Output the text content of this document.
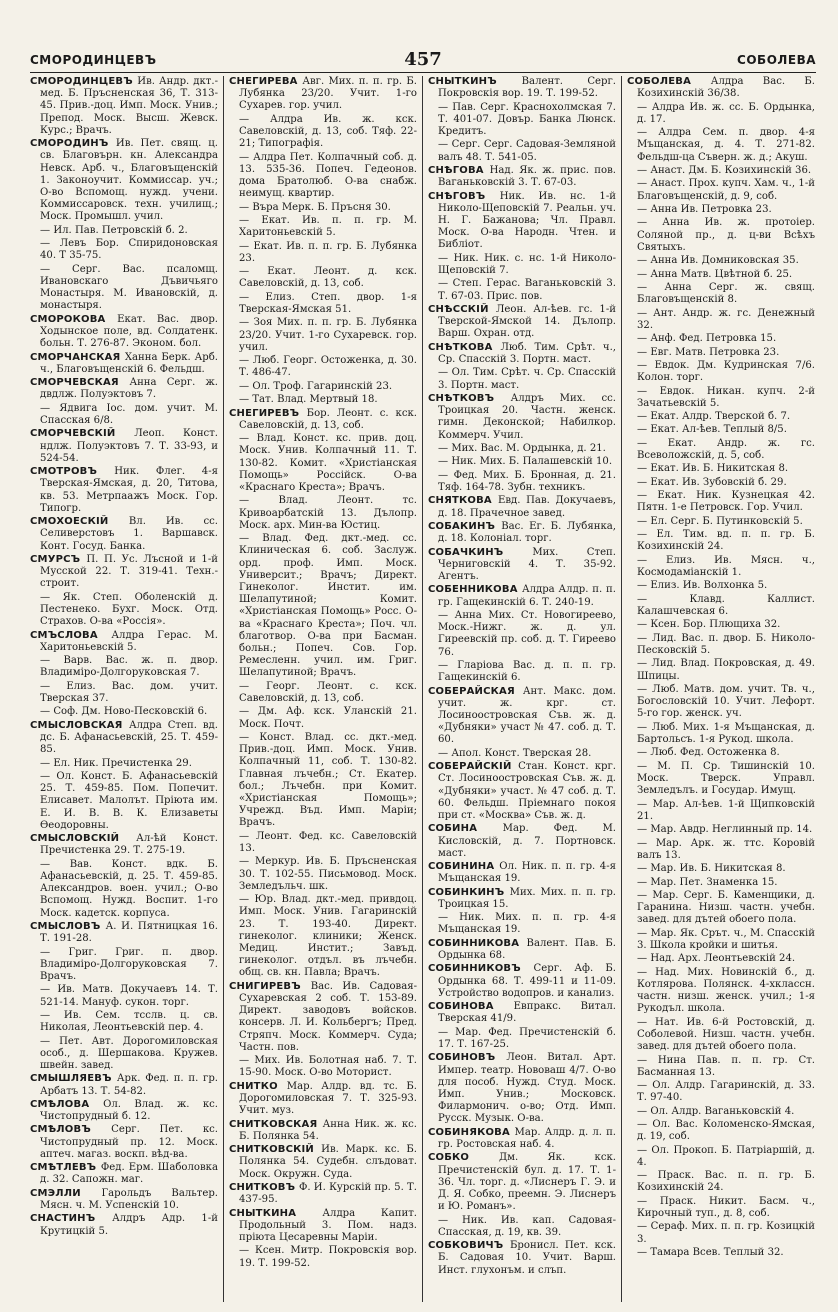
СМОРОДИНЦЕВЪ	457	СОБОЛЕВА
СМОРОДИНЦЕВЪ Ив. Андр. дкт.-мед. Б. Пръсненская 36, Т. 313-45. Прив.-доц. Имп. Моск. Унив.; Препод. Моск. Высш. Жевск. Курс.; Врачъ.
СМОРОДИНЪ Ив. Пет. свящ. ц. св. Благовърн. кн. Александра Невск. Арб. ч., Благовъщенскій 1. Законоучит. Коммиссар. уч.; О-во Вспомощ. нужд. учени. Коммиссаровск. техн. училищ.; Моск. Промышл. учил.
— Ил. Пав. Петровскій б. 2.
— Левъ Бор. Спиридоновская 40. Т 35-75.
— Серг. Вас. псаломщ. Ивановскаго Дъвичьяго Монастыря. М. Ивановскій, д. монастыря.
СМОРОКОВА Екат. Вас. двор. Ходынское поле, вд. Солдатенк. больн. Т. 276-87. Эконом. бол.
СМОРЧАНСКАЯ Ханна Берк. Арб. ч., Благовъщенскій 6. Фельдш.
СМОРЧЕВСКАЯ Анна Серг. ж. двдлж. Полуэктовъ 7.
— Ядвига Іос. дом. учит. М. Спасская 6/8.
СМОРЧЕВСКІЙ Леоп. Конст. ндлж. Полуэктовъ 7. Т. 33-93, и 524-54.
СМОТРОВЪ Ник. Флег. 4-я Тверская-Ямская, д. 20, Титова, кв. 53. Метрпаажъ Моск. Гор. Типогр.
СМОХОЕСКІЙ Вл. Ив. сс. Селиверстовъ 1. Варшавск. Конт. Госуд. Банка.
СМУРСЪ П. П. Ус. Лъсной и 1-й Мусской 22. Т. 319-41. Техн.-строит.
— Як. Степ. Оболенскій д. Пестенеко. Бухг. Моск. Отд. Страхов. О-ва «Россія».
СМЪСЛОВА Алдра Герас. М. Харитоньевскій 5.
— Варв. Вас. ж. п. двор. Владиміро-Долгоруковская 7.
— Елиз. Вас. дом. учит. Тверская 37.
— Соф. Дм. Ново-Песковскій 6.
СМЫСЛОВСКАЯ Алдра Степ. вд. дс. Б. Афанасьевскій, 25. Т. 459-85.
— Ел. Ник. Пречистенка 29.
— Ол. Конст. Б. Афанасьевскій 25. Т. 459-85. Пом. Попечит. Елисавет. Малолът. Пріюта им. Е. И. В. В. К. Елизаветы Ѳеодоровны.
СМЫСЛОВСКІЙ Ал-ѣй Конст. Пречистенка 29. Т. 275-19.
— Вав. Конст. вдк. Б. Афанасьевскій, д. 25. Т. 459-85. Александров. воен. учил.; О-во Вспомощ. Нужд. Воспит. 1-го Моск. кадетск. корпуса.
СМЫСЛОВЪ А. И. Пятницкая 16. Т. 191-28.
— Григ. Григ. п. двор. Владиміро-Долгоруковская 7. Врачъ.
— Ив. Матв. Докучаевъ 14. Т. 521-14. Мануф. сукон. торг.
— Ив. Сем. тсслв. ц. св. Николая, Леонтьевскій пер. 4.
— Пет. Авт. Дорогомиловская особ., д. Шершакова. Кружев. швейн. завед.
СМЫШЛЯЕВЪ Арк. Фед. п. п. гр. Арбатъ 13. Т. 54-82.
СМѢЛОВА Ол. Влад. ж. кс. Чистопрудный б. 12.
СМѢЛОВЪ Серг. Пет. кс. Чистопрудный пр. 12. Моск. аптеч. магаз. воскп. вѣд-ва.
СМѢТЛЕВЪ Фед. Ерм. Шаболовка д. 32. Сапожн. маг.
СМЭЛЛИ Гарольдъ Вальтер. Мясн. ч. М. Успенскій 10.
СНАСТИНЪ Алдръ Адр. 1-й Крутицкій 5.
СНЕГИРЕВА Авг. Мих. п. п. гр. Б. Лубянка 23/20. Учит. 1-го Сухарев. гор. учил.
— Алдра Ив. ж. кск. Савеловскій, д. 13, соб. Тяф. 22-21; Типографія.
— Алдра Пет. Колпачный соб. д. 13. 535-36. Попеч. Гедеонов. дома Братолюб. О-ва снабж. неимущ. квартир.
— Въра Мерк. Б. Пръсня 30.
— Екат. Ив. п. п. гр. М. Харитоньевскій 5.
— Екат. Ив. п. п. гр. Б. Лубянка 23.
— Екат. Леонт. д. кск. Савеловскій, д. 13, соб.
— Елиз. Степ. двор. 1-я Тверская-Ямская 51.
— Зоя Мих. п. п. гр. Б. Лубянка 23/20. Учит. 1-го Сухаревск. гор. учил.
— Люб. Георг. Остоженка, д. 30. Т. 486-47.
— Ол. Троф. Гагаринскій 23.
— Тат. Влад. Мертвый 18.
СНЕГИРЕВЪ Бор. Леонт. с. кск. Савеловскій, д. 13, соб.
— Влад. Конст. кс. прив. доц. Моск. Унив. Колпачный 11. Т. 130-82. Комит. «Христіанская Помощь» Россійск. О-ва «Краснаго Креста»; Врачъ.
— Влад. Леонт. тс. Кривоарбатскій 13. Дълопр. Моск. арх. Мин-ва Юстиц.
— Влад. Фед. дкт.-мед. сс. Клиническая 6. соб. Заслуж. орд. проф. Имп. Моск. Университ.; Врачъ; Директ. Гинеколог. Инстит. им. Шелапутиной; Комит. «Христіанская Помощь» Росс. О-ва «Краснаго Креста»; Поч. чл. благотвор. О-ва при Басман. больн.; Попеч. Сов. Гор. Ремесленн. учил. им. Григ. Шелапутиной; Врачъ.
— Георг. Леонт. с. кск. Савеловскій, д. 13, соб.
— Дм. Аф. кск. Уланскій 21. Моск. Почт.
— Конст. Влад. сс. дкт.-мед. Прив.-доц. Имп. Моск. Унив. Колпачный 11, соб. Т. 130-82. Главная лъчебн.; Ст. Екатер. бол.; Лъчебн. при Комит. «Христіанская Помощь»; Учрежд. Въд. Имп. Маріи; Врачъ.
— Леонт. Фед. кс. Савеловскій 13.
— Меркур. Ив. Б. Пръсненская 30. Т. 102-55. Письмовод. Моск. Земледъльч. шк.
— Юр. Влад. дкт.-мед. привдоц. Имп. Моск. Унив. Гагаринскій 23. Т. 193-40. Директ. гинеколог. клиники; Женск. Медиц. Инстит.; Завъд. гинеколог. отдъл. въ лъчебн. общ. св. кн. Павла; Врачъ.
СНИГИРЕВЪ Вас. Ив. Садовая-Сухаревская 2 соб. Т. 153-89. Директ. заводовъ войсков. консерв. Л. И. Кольбергъ; Пред. Стряпч. Моск. Коммерч. Суда; Частн. пов.
— Мих. Ив. Болотная наб. 7. Т. 15-90. Моск. О-во Моторист.
СНИТКО Мар. Алдр. вд. тс. Б. Дорогомиловская 7. Т. 325-93. Учит. муз.
СНИТКОВСКАЯ Анна Ник. ж. кс. Б. Полянка 54.
СНИТКОВСКІЙ Ив. Марк. кс. Б. Полянка 54. Судебн. слъдоват. Моск. Окружн. Суда.
СНИТКОВЪ Ф. И. Курскій пр. 5. Т. 437-95.
СНЫТКИНА Алдра Капит. Продольный 3. Пом. надз. пріюта Цесаревны Маріи.
— Ксен. Митр. Покровскія вор. 19. Т. 199-52.
СНЫТКИНЪ Валент. Серг. Покровскія вор. 19. Т. 199-52.
— Пав. Серг. Краснохолмская 7. Т. 401-07. Довър. Банка Люнск. Кредитъ.
— Серг. Серг. Садовая-Земляной валъ 48. Т. 541-05.
СНѢГОВА Над. Як. ж. прис. пов. Ваганьковскій 3. Т. 67-03.
СНѢГОВЪ Ник. Ив. нс. 1-й Николо-Щеповскій 7. Реальн. уч. Н. Г. Бажанова; Чл. Правл. Моск. О-ва Народн. Чтен. и Библіот.
— Ник. Ник. с. нс. 1-й Николо-Щеповскій 7.
— Степ. Герас. Ваганьковскій 3. Т. 67-03. Прис. пов.
СНѢССКІЙ Леон. Ал-ѣев. гс. 1-й Тверской-Ямской 14. Дълопр. Варш. Охран. отд.
СНѢТКОВА Люб. Тим. Срѣт. ч., Ср. Спасскій 3. Портн. маст.
— Ол. Тим. Срѣт. ч. Ср. Спасскій 3. Портн. маст.
СНѢТКОВЪ Алдръ Мих. сс. Троицкая 20. Частн. женск. гимн. Деконской; Набилкор. Коммерч. Учил.
— Мих. Вас. М. Ордынка, д. 21.
— Ник. Мих. Б. Палашевскій 10.
— Фед. Мих. Б. Бронная, д. 21. Тяф. 164-78. Зубн. техникъ.
СНЯТКОВА Евд. Пав. Докучаевъ, д. 18. Прачечное завед.
СОБАКИНЪ Вас. Ег. Б. Лубянка, д. 18. Колоніал. торг.
СОБАЧКИНЪ Мих. Степ. Черниговскій 4. Т. 35-92. Агентъ.
СОБЕННИКОВА Алдра Алдр. п. п. гр. Гащекинскій 6. Т. 240-19.
— Анна Мих. Ст. Новогиреево, Моск.-Нижг. ж. д. ул. Гиреевскій пр. соб. д. Т. Гиреево 76.
— Гларіова Вас. д. п. п. гр. Гащекинскій 6.
СОБЕРАЙСКАЯ Ант. Макс. дом. учит. ж. крг. ст. Лосиноостровская Съв. ж. д. «Дубняки» участ № 47. соб. д. Т. 60.
— Апол. Конст. Тверская 28.
СОБЕРАЙСКІЙ Стан. Конст. крг. Ст. Лосиноостровская Съв. ж. д. «Дубняки» участ. № 47 соб. д. Т. 60. Фельдш. Пріемнаго покоя при ст. «Москва» Съв. ж. д.
СОБИНА Мар. Фед. М. Кисловскій, д. 7. Портновск. маст.
СОБИНИНА Ол. Ник. п. п. гр. 4-я Мъщанская 19.
СОБИНКИНЪ Мих. Мих. п. п. гр. Троицкая 15.
— Ник. Мих. п. п. гр. 4-я Мъщанская 19.
СОБИННИКОВА Валент. Пав. Б. Ордынка 68.
СОБИННИКОВЪ Серг. Аф. Б. Ордынка 68. Т. 499-11 и 11-09. Устройство водопров. и канализ.
СОБИНОВА Евпракс. Витал. Тверская 41/9.
— Мар. Фед. Пречистенскій б. 17. Т. 167-25.
СОБИНОВЪ Леон. Витал. Арт. Импер. театр. Нововаш 4/7. О-во для пособ. Нужд. Студ. Моск. Имп. Унив.; Московск. Филармонич. о-во; Отд. Имп. Русск. Музык. О-ва.
СОБИНЯКОВА Мар. Алдр. д. л. п. гр. Ростовская наб. 4.
СОБКО Дм. Як. кск. Пречистенскій бул. д. 17. Т. 1-36. Чл. торг. д. «Лиснеръ Г. Э. и Д. Я. Собко, преемн. Э. Лиснеръ и Ю. Романъ».
— Ник. Ив. кап. Садовая-Спасская, д. 19, кв. 39.
СОБКОВИЧЪ Бронисл. Пет. кск. Б. Садовая 10. Учит. Варш. Инст. глухонъм. и слъп.
СОБОЛЕВА Алдра Вас. Б. Козихинскій 36/38.
— Алдра Ив. ж. сс. Б. Ордынка, д. 17.
— Алдра Сем. п. двор. 4-я Мъщанская, д. 4. Т. 271-82. Фельдш-ца Съверн. ж. д.; Акуш.
— Анаст. Дм. Б. Козихинскій 36.
— Анаст. Прох. купч. Хам. ч., 1-й Благовъщенскій, д. 9, соб.
— Анна Ив. Петровка 23.
— Анна Ив. ж. протоіер. Соляной пр., д. ц-ви Всѣхъ Святыхъ.
— Анна Ив. Домниковская 35.
— Анна Матв. Цвѣтной б. 25.
— Анна Серг. ж. свящ. Благовъщенскій 8.
— Ант. Андр. ж. гс. Денежный 32.
— Анф. Фед. Петровка 15.
— Евг. Матв. Петровка 23.
— Евдок. Дм. Кудринская 7/6. Колон. торг.
— Евдок. Никан. купч. 2-й Зачатьевскій 5.
— Екат. Алдр. Тверской б. 7.
— Екат. Ал-ѣев. Теплый 8/5.
— Екат. Андр. ж. гс. Всеволожскій, д. 5, соб.
— Екат. Ив. Б. Никитская 8.
— Екат. Ив. Зубовскій б. 29.
— Екат. Ник. Кузнецкая 42. Пятн. 1-е Петровск. Гор. Учил.
— Ел. Серг. Б. Путинковскій 5.
— Ел. Тим. вд. п. п. гр. Б. Козихинскій 24.
— Елиз. Ив. Мясн. ч., Космодаміанскій 1.
— Елиз. Ив. Волхонка 5.
— Клавд. Каллист. Калашчевская 6.
— Ксен. Бор. Плющиха 32.
— Лид. Вас. п. двор. Б. Николо-Песковскій 5.
— Лид. Влад. Покровская, д. 49. Шпицы.
— Люб. Матв. дом. учит. Тв. ч., Богословскій 10. Учит. Лефорт. 5-го гор. женск. уч.
— Люб. Мих. 1-я Мъщанская, д. Бартольсъ. 1-я Рукод. школа.
— Люб. Фед. Остоженка 8.
— М. П. Ср. Тишинскій 10. Моск. Тверск. Управл. Земледълъ. и Государ. Имущ.
— Мар. Ал-ѣев. 1-й Щипковскій 21.
— Мар. Авдр. Неглинный пр. 14.
— Мар. Арк. ж. ттс. Коровій валъ 13.
— Мар. Ив. Б. Никитская 8.
— Мар. Пет. Знаменка 15.
— Мар. Серг. Б. Каменщики, д. Гаранина. Низш. частн. учебн. завед. для дътей обоего пола.
— Мар. Як. Срът. ч., М. Спасскій 3. Школа кройки и шитья.
— Над. Арх. Леонтьевскій 24.
— Над. Мих. Новинскій б., д. Котлярова. Полянск. 4-хклассн. частн. низш. женск. учил.; 1-я Рукодъл. школа.
— Нат. Ив. 6-й Ростовскій, д. Соболевой. Низш. частн. учебн. завед. для дътей обоего пола.
— Нина Пав. п. п. гр. Ст. Басманная 13.
— Ол. Алдр. Гагаринскій, д. 33. Т. 97-40.
— Ол. Алдр. Ваганьковскій 4.
— Ол. Вас. Коломенско-Ямская, д. 19, соб.
— Ол. Прокоп. Б. Патріаршій, д. 4.
— Праск. Вас. п. п. гр. Б. Козихинскій 24.
— Праск. Никит. Басм. ч., Кирочный туп., д. 8, соб.
— Сераф. Мих. п. п. гр. Козицкій 3.
— Тамара Всев. Теплый 32.
